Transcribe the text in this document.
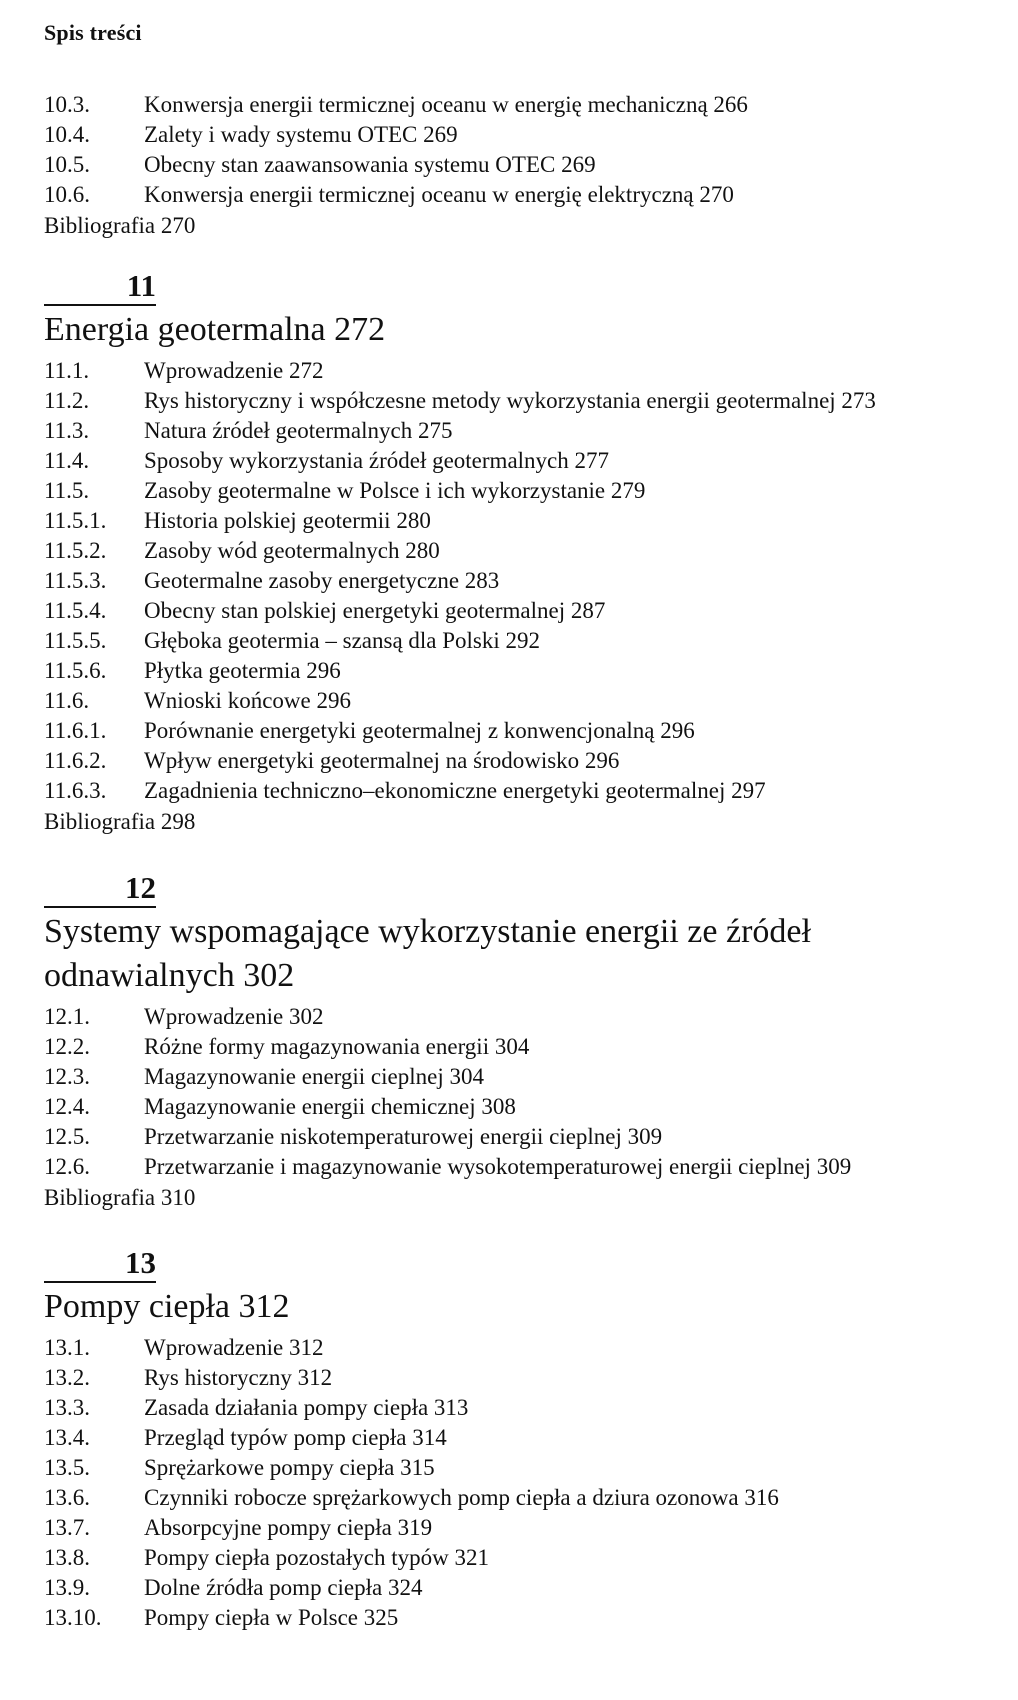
Spis treści
10.3. Konwersja energii termicznej oceanu w energię mechaniczną 266
10.4. Zalety i wady systemu OTEC 269
10.5. Obecny stan zaawansowania systemu OTEC 269
10.6. Konwersja energii termicznej oceanu w energię elektryczną 270
Bibliografia 270
11
Energia geotermalna 272
11.1. Wprowadzenie 272
11.2. Rys historyczny i współczesne metody wykorzystania energii geotermalnej 273
11.3. Natura źródeł geotermalnych 275
11.4. Sposoby wykorzystania źródeł geotermalnych 277
11.5. Zasoby geotermalne w Polsce i ich wykorzystanie 279
11.5.1. Historia polskiej geotermii 280
11.5.2. Zasoby wód geotermalnych 280
11.5.3. Geotermalne zasoby energetyczne 283
11.5.4. Obecny stan polskiej energetyki geotermalnej 287
11.5.5. Głęboka geotermia – szansą dla Polski 292
11.5.6. Płytka geotermia 296
11.6. Wnioski końcowe 296
11.6.1. Porównanie energetyki geotermalnej z konwencjonalną 296
11.6.2. Wpływ energetyki geotermalnej na środowisko 296
11.6.3. Zagadnienia techniczno–ekonomiczne energetyki geotermalnej 297
Bibliografia 298
12
Systemy wspomagające wykorzystanie energii ze źródeł odnawialnych 302
12.1. Wprowadzenie 302
12.2. Różne formy magazynowania energii 304
12.3. Magazynowanie energii cieplnej 304
12.4. Magazynowanie energii chemicznej 308
12.5. Przetwarzanie niskotemperaturowej energii cieplnej 309
12.6. Przetwarzanie i magazynowanie wysokotemperaturowej energii cieplnej 309
Bibliografia 310
13
Pompy ciepła 312
13.1. Wprowadzenie 312
13.2. Rys historyczny 312
13.3. Zasada działania pompy ciepła 313
13.4. Przegląd typów pomp ciepła 314
13.5. Sprężarkowe pompy ciepła 315
13.6. Czynniki robocze sprężarkowych pomp ciepła a dziura ozonowa 316
13.7. Absorpcyjne pompy ciepła 319
13.8. Pompy ciepła pozostałych typów 321
13.9. Dolne źródła pomp ciepła 324
13.10. Pompy ciepła w Polsce 325
